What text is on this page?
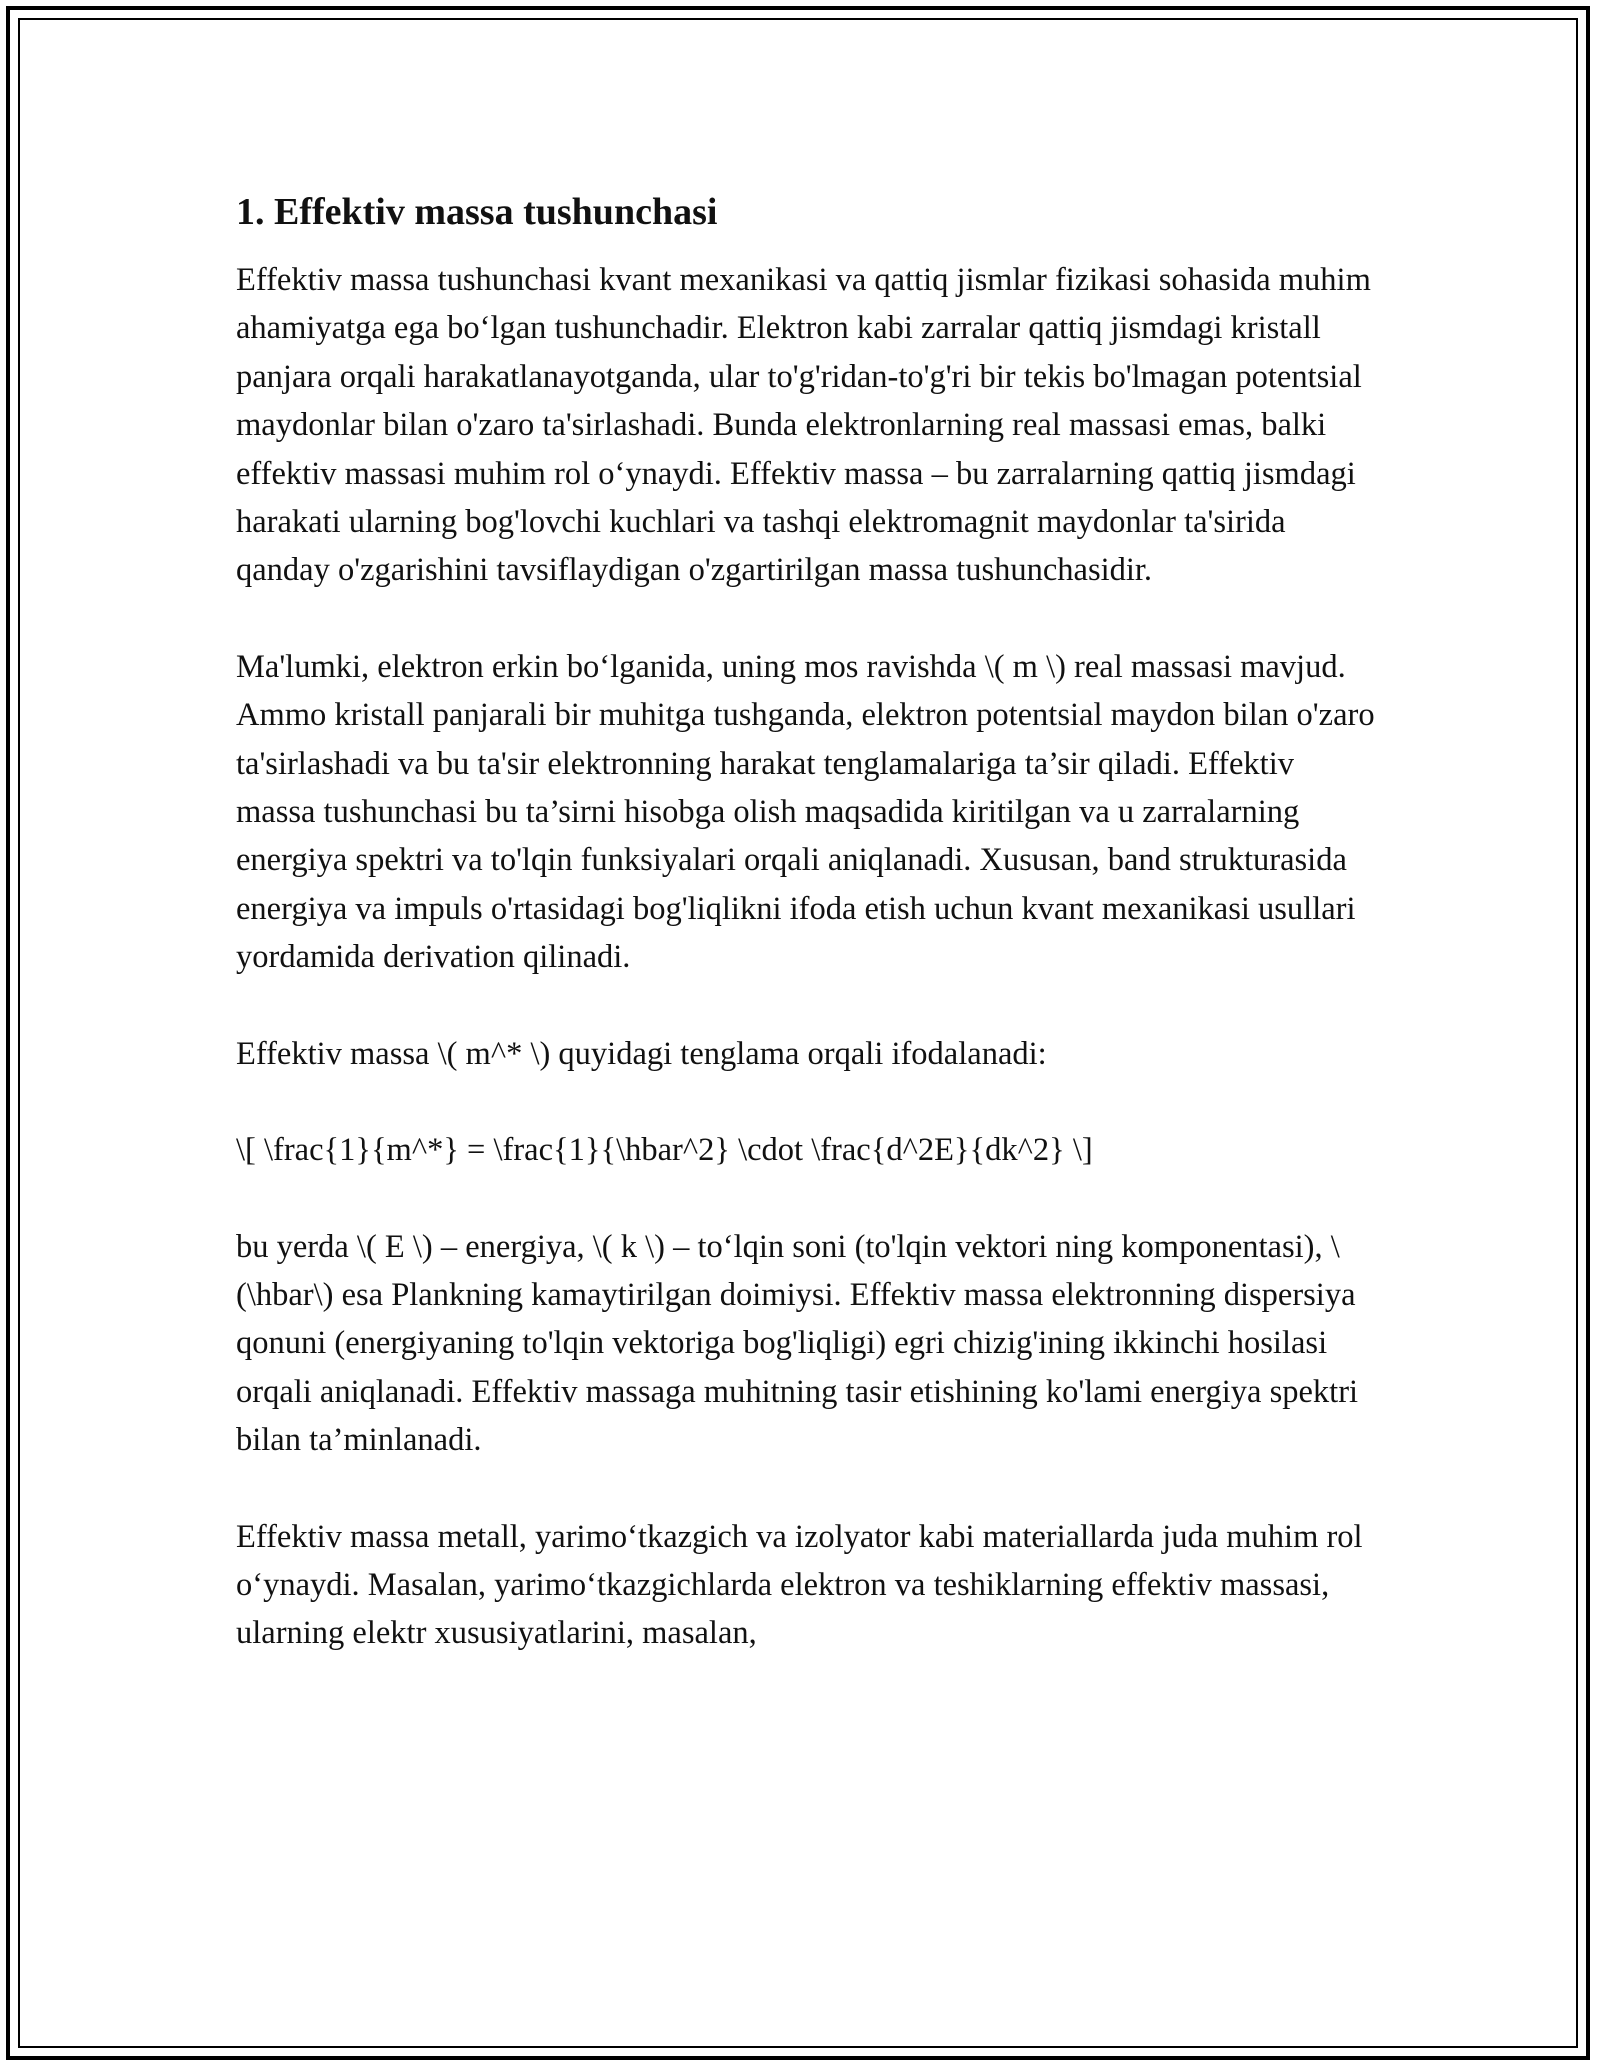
1. Effektiv massa tushunchasi

Effektiv massa tushunchasi kvant mexanikasi va qattiq jismlar fizikasi sohasida muhim ahamiyatga ega bo‘lgan tushunchadir. Elektron kabi zarralar qattiq jismdagi kristall panjara orqali harakatlanayotganda, ular to'g'ridan-to'g'ri bir tekis bo'lmagan potentsial maydonlar bilan o'zaro ta'sirlashadi. Bunda elektronlarning real massasi emas, balki effektiv massasi muhim rol o‘ynaydi. Effektiv massa – bu zarralarning qattiq jismdagi harakati ularning bog'lovchi kuchlari va tashqi elektromagnit maydonlar ta'sirida qanday o'zgarishini tavsiflaydigan o'zgartirilgan massa tushunchasidir.

Ma'lumki, elektron erkin bo‘lganida, uning mos ravishda \( m \) real massasi mavjud. Ammo kristall panjarali bir muhitga tushganda, elektron potentsial maydon bilan o'zaro ta'sirlashadi va bu ta'sir elektronning harakat tenglamalariga ta’sir qiladi. Effektiv massa tushunchasi bu ta’sirni hisobga olish maqsadida kiritilgan va u zarralarning energiya spektri va to'lqin funksiyalari orqali aniqlanadi. Xususan, band strukturasida energiya va impuls o'rtasidagi bog'liqlikni ifoda etish uchun kvant mexanikasi usullari yordamida derivation qilinadi.

Effektiv massa \( m^* \) quyidagi tenglama orqali ifodalanadi:

\[ \frac{1}{m^*} = \frac{1}{\hbar^2} \cdot \frac{d^2E}{dk^2} \]

bu yerda \( E \) – energiya, \( k \) – to‘lqin soni (to'lqin vektori ning komponentasi), \(\hbar\) esa Plankning kamaytirilgan doimiysi. Effektiv massa elektronning dispersiya qonuni (energiyaning to'lqin vektoriga bog'liqligi) egri chizig'ining ikkinchi hosilasi orqali aniqlanadi. Effektiv massaga muhitning tasir etishining ko'lami energiya spektri bilan ta’minlanadi.

Effektiv massa metall, yarimo‘tkazgich va izolyator kabi materiallarda juda muhim rol o‘ynaydi. Masalan, yarimo‘tkazgichlarda elektron va teshiklarning effektiv massasi, ularning elektr xususiyatlarini, masalan,
